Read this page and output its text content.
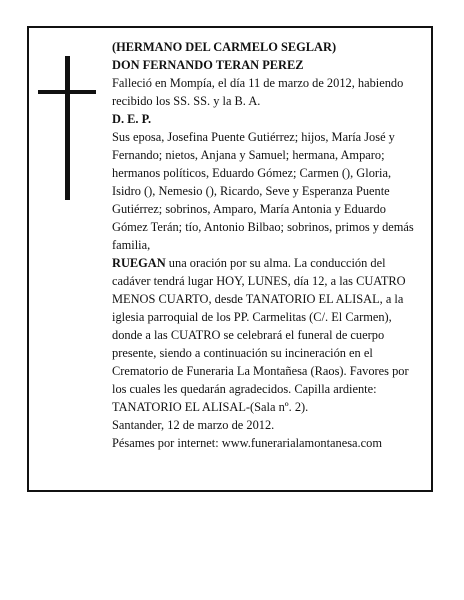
(HERMANO DEL CARMELO SEGLAR)

DON FERNANDO TERAN PEREZ

Falleció en Mompía, el día 11 de marzo de 2012, habiendo recibido los SS. SS. y la B. A.

D. E. P.

Sus eposa, Josefina Puente Gutiérrez; hijos, María José y Fernando; nietos, Anjana y Samuel; hermana, Amparo; hermanos políticos, Eduardo Gómez; Carmen (), Gloria, Isidro (), Nemesio (), Ricardo, Seve y Esperanza Puente Gutiérrez; sobrinos, Amparo, María Antonia y Eduardo Gómez Terán; tío, Antonio Bilbao; sobrinos, primos y demás familia,

RUEGAN una oración por su alma. La conducción del cadáver tendrá lugar HOY, LUNES, día 12, a las CUATRO MENOS CUARTO, desde TANATORIO EL ALISAL, a la iglesia parroquial de los PP. Carmelitas (C/. El Carmen), donde a las CUATRO se celebrará el funeral de cuerpo presente, siendo a continuación su incineración en el Crematorio de Funeraria La Montañesa (Raos). Favores por los cuales les quedarán agradecidos. Capilla ardiente: TANATORIO EL ALISAL-(Sala nº. 2).

Santander, 12 de marzo de 2012.

Pésames por internet: www.funerarialamontanesa.com
